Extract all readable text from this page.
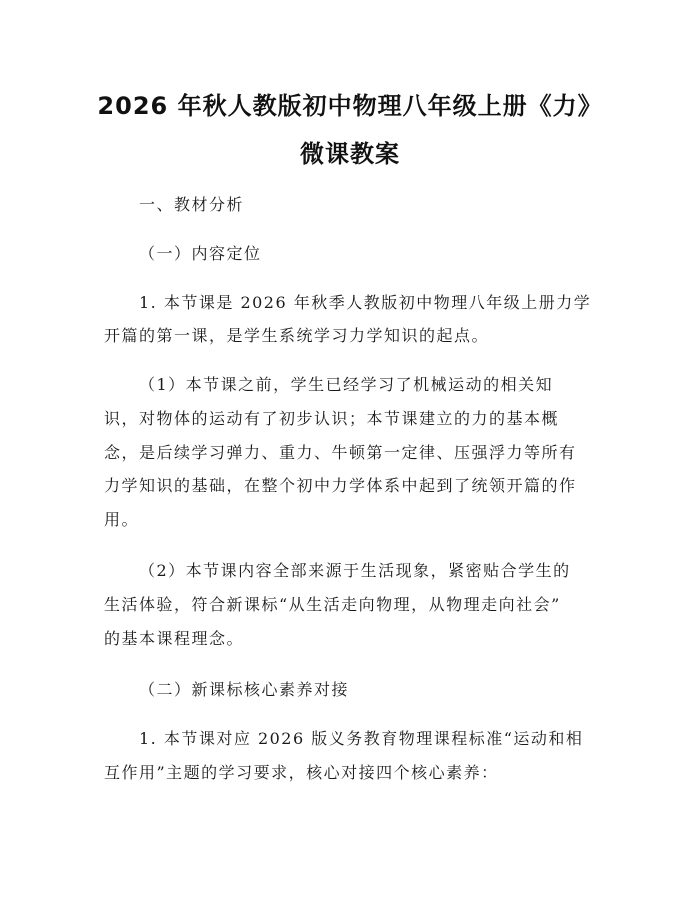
2026 年秋人教版初中物理八年级上册《力》
微课教案
一、教材分析
（一）内容定位
1. 本节课是 2026 年秋季人教版初中物理八年级上册力学
开篇的第一课，是学生系统学习力学知识的起点。
（1）本节课之前，学生已经学习了机械运动的相关知
识，对物体的运动有了初步认识；本节课建立的力的基本概
念，是后续学习弹力、重力、牛顿第一定律、压强浮力等所有
力学知识的基础，在整个初中力学体系中起到了统领开篇的作
用。
（2）本节课内容全部来源于生活现象，紧密贴合学生的
生活体验，符合新课标“从生活走向物理，从物理走向社会”
的基本课程理念。
（二）新课标核心素养对接
1. 本节课对应 2026 版义务教育物理课程标准“运动和相
互作用”主题的学习要求，核心对接四个核心素养：
